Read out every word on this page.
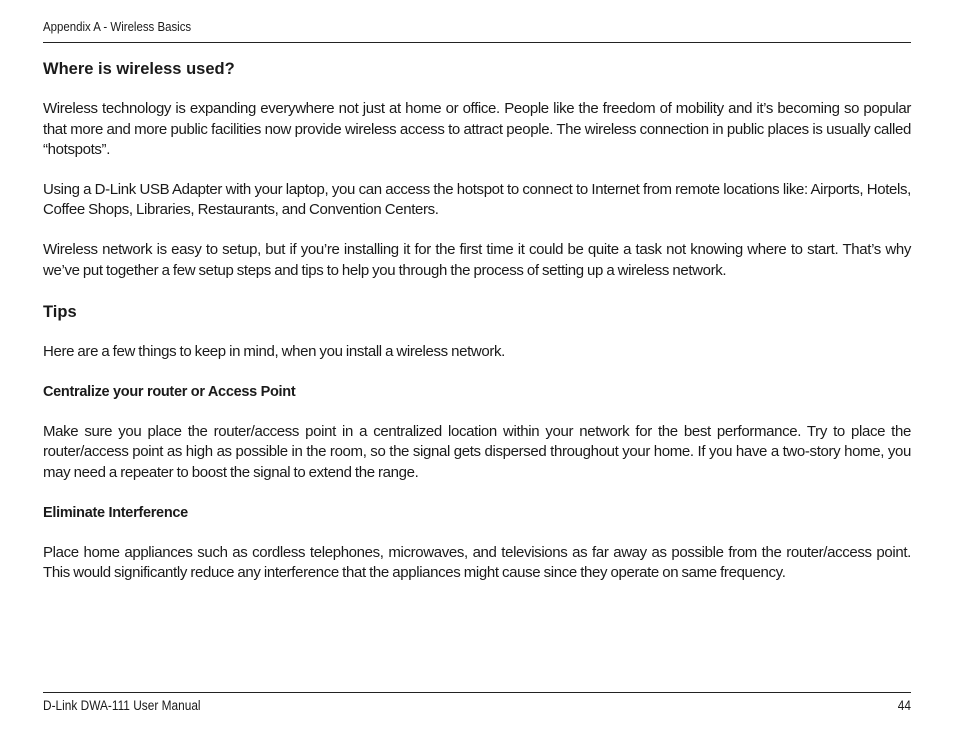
Appendix A - Wireless Basics
Where is wireless used?

Wireless technology is expanding everywhere not just at home or office. People like the freedom of mobility and it’s becoming so popular that more and more public facilities now provide wireless access to attract people. The wireless connection in public places is usually called “hotspots”.

Using a D-Link USB Adapter with your laptop, you can access the hotspot to connect to Internet from remote locations like: Airports, Hotels, Coffee Shops, Libraries, Restaurants, and Convention Centers.

Wireless network is easy to setup, but if you’re installing it for the first time it could be quite a task not knowing where to start. That’s why we’ve put together a few setup steps and tips to help you through the process of setting up a wireless network.

Tips

Here are a few things to keep in mind, when you install a wireless network.

Centralize your router or Access Point

Make sure you place the router/access point in a centralized location within your network for the best performance. Try to place the router/access point as high as possible in the room, so the signal gets dispersed throughout your home. If you have a two-story home, you may need a repeater to boost the signal to extend the range.

Eliminate Interference

Place home appliances such as cordless telephones, microwaves, and televisions as far away as possible from the router/access point. This would significantly reduce any interference that the appliances might cause since they operate on same frequency.

D-Link DWA-111 User Manual	44
